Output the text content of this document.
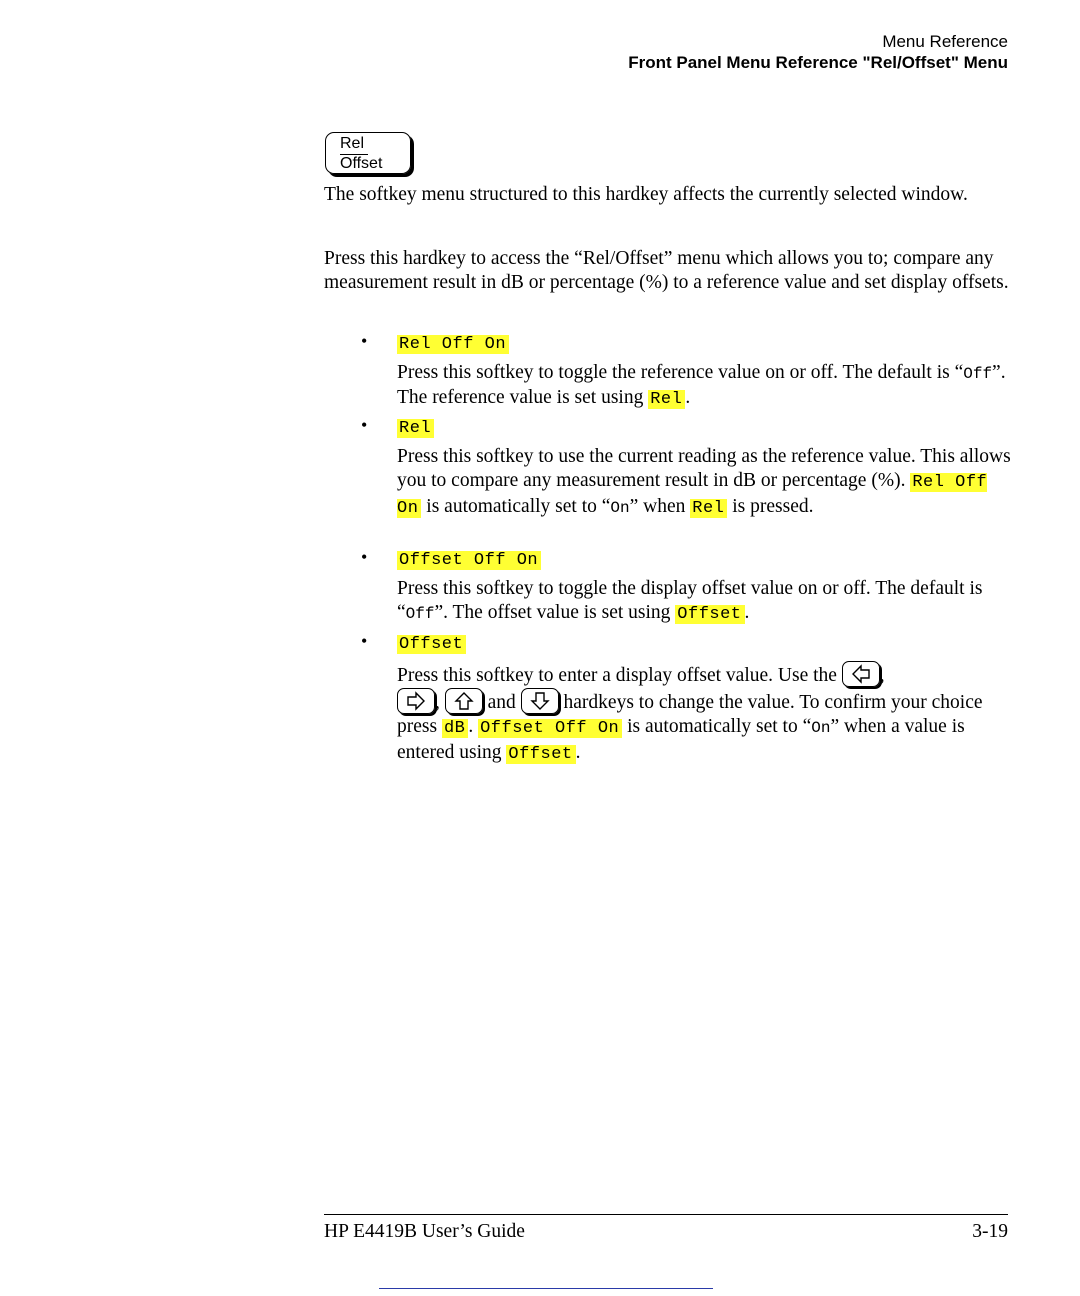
Menu Reference
Front Panel Menu Reference "Rel/Offset" Menu
Rel
Offset

The softkey menu structured to this hardkey affects the currently selected window.

Press this hardkey to access the “Rel/Offset” menu which allows you to; compare any measurement result in dB or percentage (%) to a reference value and set display offsets.

• Rel Off On
Press this softkey to toggle the reference value on or off. The default is “Off”. The reference value is set using Rel .
• Rel
Press this softkey to use the current reading as the reference value. This allows you to compare any measurement result in dB or percentage (%). Rel Off On is automatically set to “On” when Rel is pressed.
• Offset Off On
Press this softkey to toggle the display offset value on or off. The default is “Off”. The offset value is set using Offset .
• Offset
Press this softkey to enter a display offset value. Use the
,

, and hardkeys to change the value. To confirm your choice press dB . Offset Off On is automatically set to “On” when a value is entered using Offset .
HP E4419B User’s Guide	3-19
